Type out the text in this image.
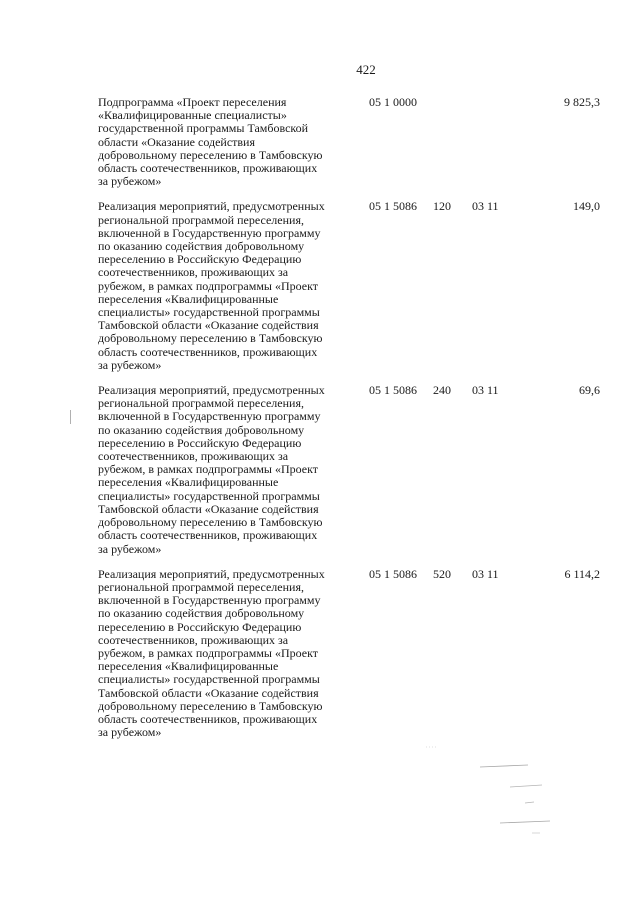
422
Подпрограмма «Проект переселения
«Квалифицированные специалисты»
государственной программы Тамбовской
области «Оказание содействия
добровольному переселению в Тамбовскую
область соотечественников, проживающих
за рубежом»
05 1 0000	9 825,3
Реализация мероприятий, предусмотренных
региональной программой переселения,
включенной в Государственную программу
по оказанию содействия добровольному
переселению в Российскую Федерацию
соотечественников, проживающих за
рубежом, в рамках подпрограммы «Проект
переселения «Квалифицированные
специалисты» государственной программы
Тамбовской области «Оказание содействия
добровольному переселению в Тамбовскую
область соотечественников, проживающих
за рубежом»
05 1 5086 120 03 11	149,0
Реализация мероприятий, предусмотренных
региональной программой переселения,
включенной в Государственную программу
по оказанию содействия добровольному
переселению в Российскую Федерацию
соотечественников, проживающих за
рубежом, в рамках подпрограммы «Проект
переселения «Квалифицированные
специалисты» государственной программы
Тамбовской области «Оказание содействия
добровольному переселению в Тамбовскую
область соотечественников, проживающих
за рубежом»
05 1 5086 240 03 11	69,6
Реализация мероприятий, предусмотренных
региональной программой переселения,
включенной в Государственную программу
по оказанию содействия добровольному
переселению в Российскую Федерацию
соотечественников, проживающих за
рубежом, в рамках подпрограммы «Проект
переселения «Квалифицированные
специалисты» государственной программы
Тамбовской области «Оказание содействия
добровольному переселению в Тамбовскую
область соотечественников, проживающих
за рубежом»
05 1 5086 520 03 11	6 114,2
